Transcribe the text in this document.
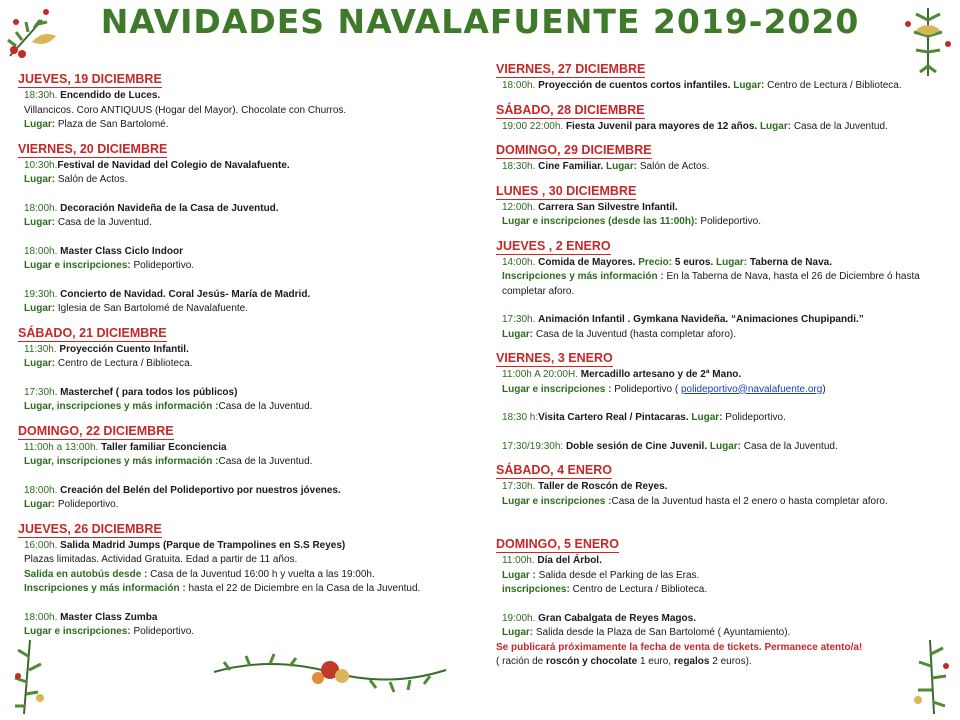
NAVIDADES NAVALAFUENTE 2019-2020
JUEVES, 19 DICIEMBRE
18:30h. Encendido de Luces.
Villancicos. Coro ANTIQUUS (Hogar del Mayor). Chocolate con Churros.
Lugar: Plaza de San Bartolomé.
VIERNES, 20 DICIEMBRE
10:30h.Festival de Navidad del Colegio de Navalafuente.
Lugar: Salón de Actos.
18:00h. Decoración Navideña de la Casa de Juventud.
Lugar: Casa de la Juventud.
18:00h. Master Class Ciclo Indoor
Lugar e inscripciones: Polideportivo.
19:30h. Concierto de Navidad. Coral Jesús- María de Madrid.
Lugar: Iglesia de San Bartolomé de Navalafuente.
SÁBADO, 21 DICIEMBRE
11:30h. Proyección Cuento Infantil.
Lugar: Centro de Lectura / Biblioteca.
17:30h. Masterchef ( para todos los públicos)
Lugar, inscripciones y más información :Casa de la Juventud.
DOMINGO, 22 DICIEMBRE
11:00h a 13:00h. Taller familiar Econciencia
Lugar, inscripciones y más información :Casa de la Juventud.
18:00h. Creación del Belén del Polideportivo por nuestros jóvenes.
Lugar: Polideportivo.
JUEVES, 26 DICIEMBRE
16:00h. Salida Madrid Jumps (Parque de Trampolines en S.S Reyes)
Plazas limitadas. Actividad Gratuita. Edad a partir de 11 años.
Salida en autobús desde : Casa de la Juventud 16:00 h y vuelta a las 19:00h.
Inscripciones y más información : hasta el 22 de Diciembre en la Casa de la Juventud.
18:00h. Master Class Zumba
Lugar e inscripciones: Polideportivo.
VIERNES, 27 DICIEMBRE
18:00h. Proyección de cuentos cortos infantiles. Lugar: Centro de Lectura / Biblioteca.
SÁBADO, 28 DICIEMBRE
19:00 22:00h. Fiesta Juvenil para mayores de 12 años. Lugar: Casa de la Juventud.
DOMINGO, 29 DICIEMBRE
18:30h. Cine Familiar. Lugar: Salón de Actos.
LUNES , 30 DICIEMBRE
12:00h. Carrera San Silvestre Infantil.
Lugar e inscripciones (desde las 11:00h): Polideportivo.
JUEVES , 2 ENERO
14:00h. Comida de Mayores. Precio: 5 euros. Lugar: Taberna de Nava.
Inscripciones y más información : En la Taberna de Nava, hasta el 26 de Diciembre ó hasta completar aforo.
17:30h. Animación Infantil . Gymkana Navideña. “Animaciones Chupipandi.”
Lugar: Casa de la Juventud (hasta completar aforo).
VIERNES, 3 ENERO
11:00h A 20:00H. Mercadillo artesano y de 2ª Mano.
Lugar e inscripciones : Polideportivo ( polideportivo@navalafuente.org)
18:30 h:Visita Cartero Real / Pintacaras. Lugar: Polideportivo.
17:30/19:30h: Doble sesión de Cine Juvenil. Lugar: Casa de la Juventud.
SÁBADO, 4 ENERO
17:30h. Taller de Roscón de Reyes.
Lugar e inscripciones :Casa de la Juventud hasta el 2 enero o hasta completar aforo.
DOMINGO, 5 ENERO
11:00h. Día del Árbol.
Lugar : Salida desde el Parking de las Eras.
inscripciones: Centro de Lectura / Biblioteca.
19:00h. Gran Cabalgata de Reyes Magos.
Lugar: Salida desde la Plaza de San Bartolomé ( Ayuntamiento).
Se publicará próximamente la fecha de venta de tickets. Permanece atento/a!
( ración de roscón y chocolate 1 euro, regalos 2 euros).
